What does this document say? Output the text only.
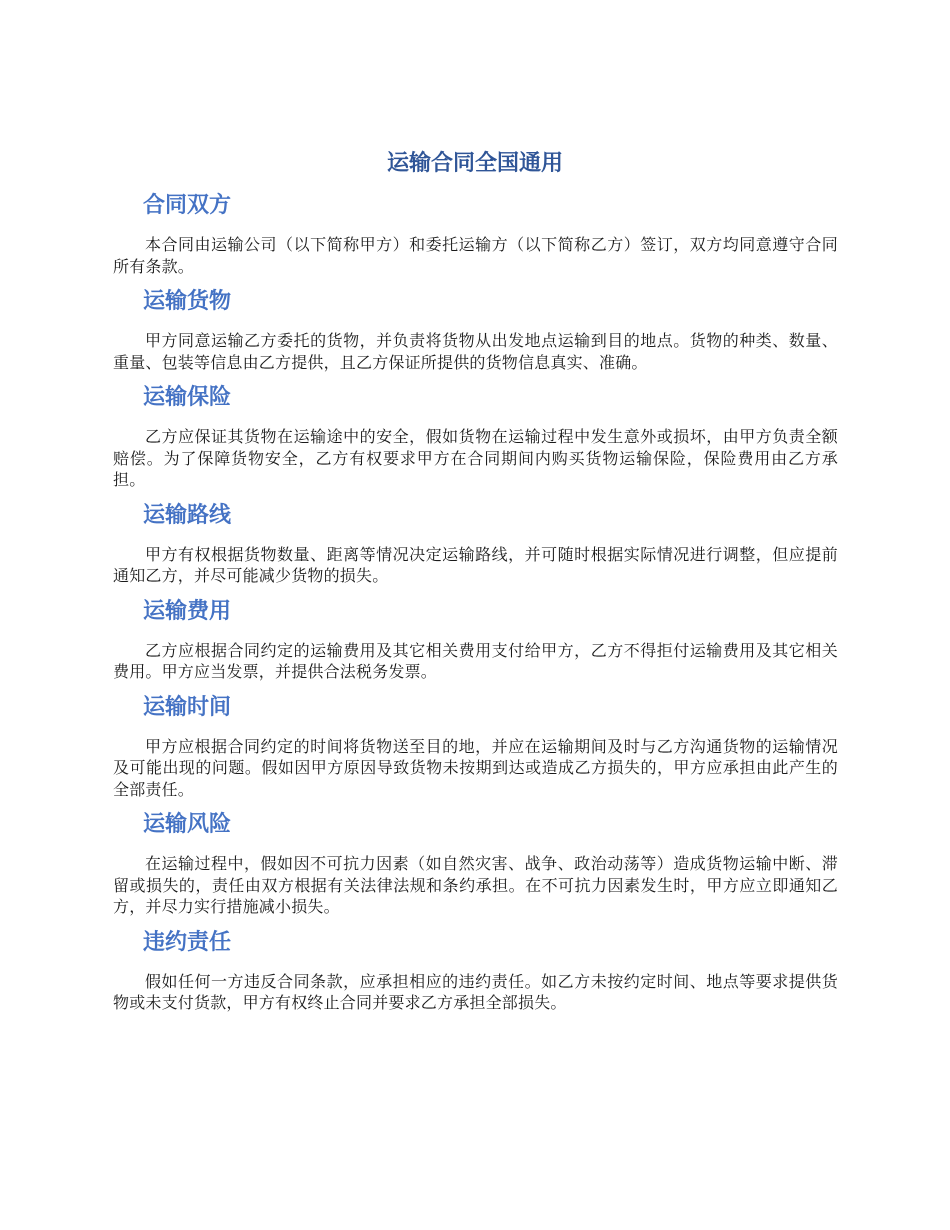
运输合同全国通用
合同双方

本合同由运输公司（以下简称甲方）和委托运输方（以下简称乙方）签订，双方均同意遵守合同所有条款。

运输货物

甲方同意运输乙方委托的货物，并负责将货物从出发地点运输到目的地点。货物的种类、数量、重量、包装等信息由乙方提供，且乙方保证所提供的货物信息真实、准确。

运输保险

乙方应保证其货物在运输途中的安全，假如货物在运输过程中发生意外或损坏，由甲方负责全额赔偿。为了保障货物安全，乙方有权要求甲方在合同期间内购买货物运输保险，保险费用由乙方承担。

运输路线

甲方有权根据货物数量、距离等情况决定运输路线，并可随时根据实际情况进行调整，但应提前通知乙方，并尽可能减少货物的损失。

运输费用

乙方应根据合同约定的运输费用及其它相关费用支付给甲方，乙方不得拒付运输费用及其它相关费用。甲方应当发票，并提供合法税务发票。

运输时间

甲方应根据合同约定的时间将货物送至目的地，并应在运输期间及时与乙方沟通货物的运输情况及可能出现的问题。假如因甲方原因导致货物未按期到达或造成乙方损失的，甲方应承担由此产生的全部责任。

运输风险

在运输过程中，假如因不可抗力因素（如自然灾害、战争、政治动荡等）造成货物运输中断、滞留或损失的，责任由双方根据有关法律法规和条约承担。在不可抗力因素发生时，甲方应立即通知乙方，并尽力实行措施减小损失。

违约责任

假如任何一方违反合同条款，应承担相应的违约责任。如乙方未按约定时间、地点等要求提供货物或未支付货款，甲方有权终止合同并要求乙方承担全部损失。
